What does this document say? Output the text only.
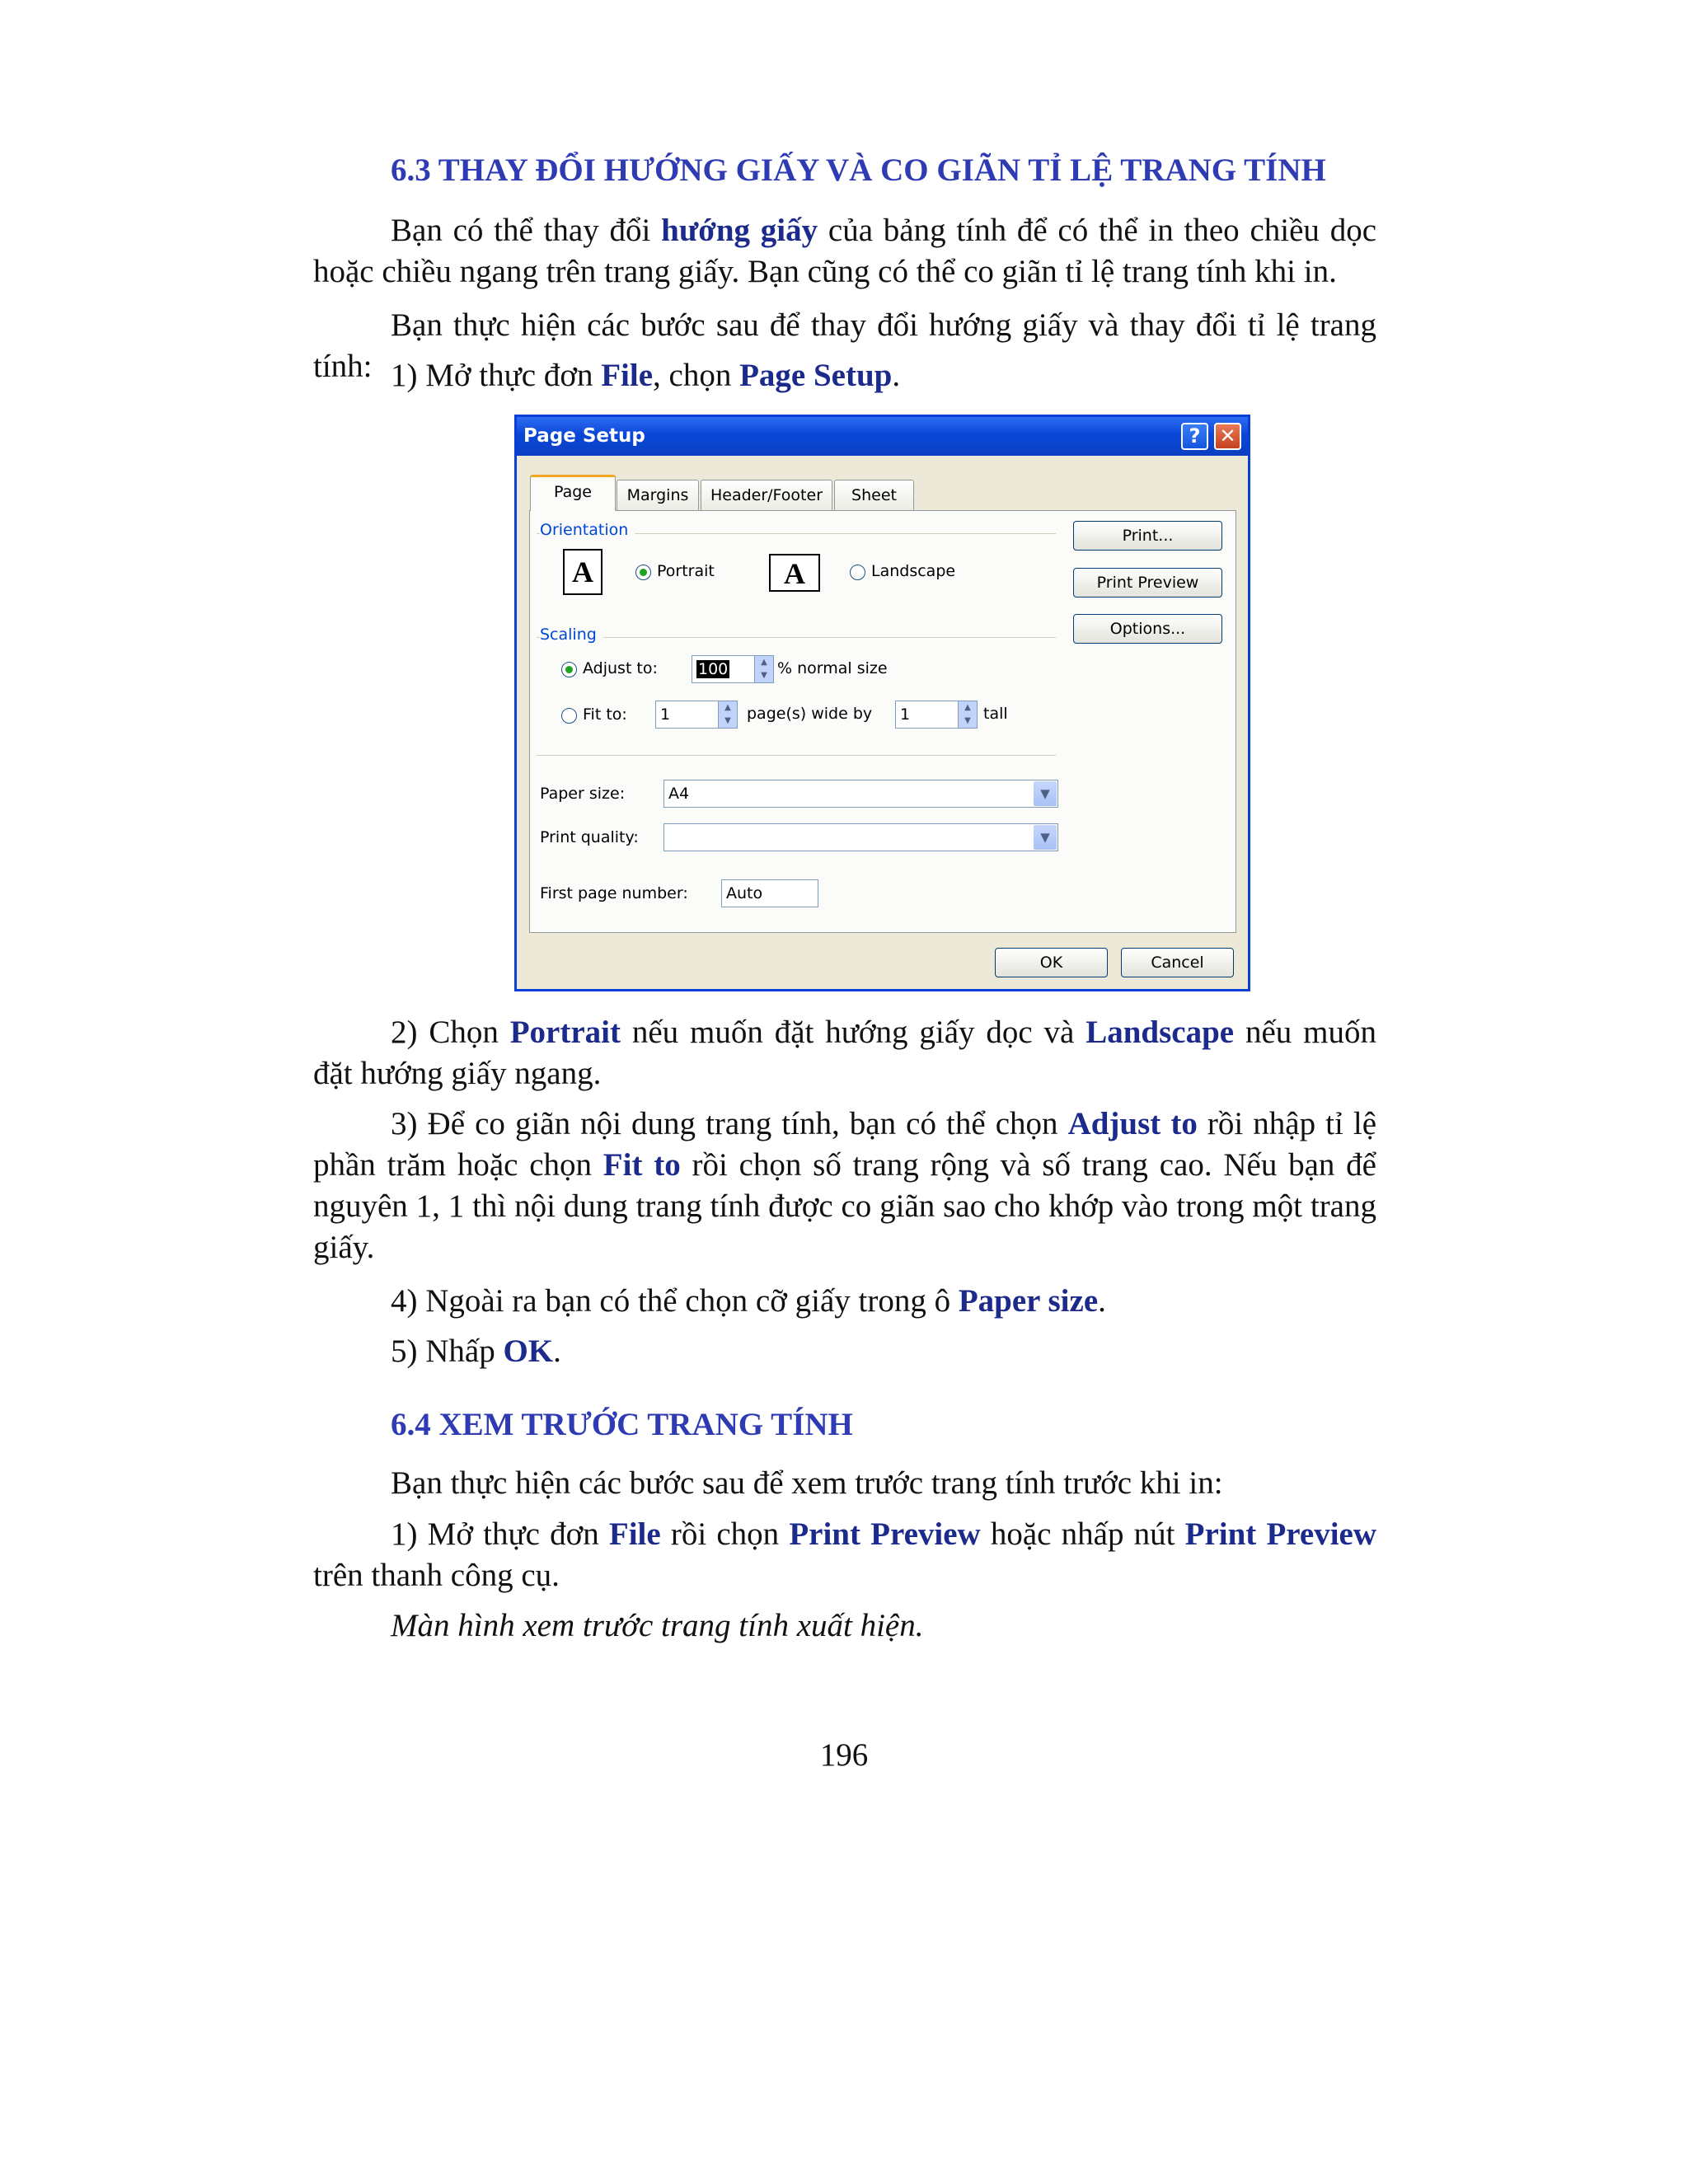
6.3 THAY ĐỔI HƯỚNG GIẤY VÀ CO GIÃN TỈ LỆ TRANG TÍNH

Bạn có thể thay đổi hướng giấy của bảng tính để có thể in theo chiều dọc hoặc chiều ngang trên trang giấy. Bạn cũng có thể co giãn tỉ lệ trang tính khi in.

Bạn thực hiện các bước sau để thay đổi hướng giấy và thay đổi tỉ lệ trang tính: 1) Mở thực đơn File, chọn Page Setup.

Page Setup	? ✕
Page	Margins	Header/Footer	Sheet
Orientation
A	Portrait	A	Landscape
Scaling
Adjust to:	100	▲
▼ % normal size
Fit to:	1	▲
▼	page(s) wide by	1	▲
▼ tall
Paper size:	A4	▼
Print quality:	▼
First page number:	Auto
Print...
Print Preview
Options...
OK	Cancel

2) Chọn Portrait nếu muốn đặt hướng giấy dọc và Landscape nếu muốn đặt hướng giấy ngang.

3) Để co giãn nội dung trang tính, bạn có thể chọn Adjust to rồi nhập tỉ lệ phần trăm hoặc chọn Fit to rồi chọn số trang rộng và số trang cao. Nếu bạn để nguyên 1, 1 thì nội dung trang tính được co giãn sao cho khớp vào trong một trang giấy.

4) Ngoài ra bạn có thể chọn cỡ giấy trong ô Paper size.

5) Nhấp OK.

6.4 XEM TRƯỚC TRANG TÍNH

Bạn thực hiện các bước sau để xem trước trang tính trước khi in:

1) Mở thực đơn File rồi chọn Print Preview hoặc nhấp nút Print Preview trên thanh công cụ.

Màn hình xem trước trang tính xuất hiện.

196
